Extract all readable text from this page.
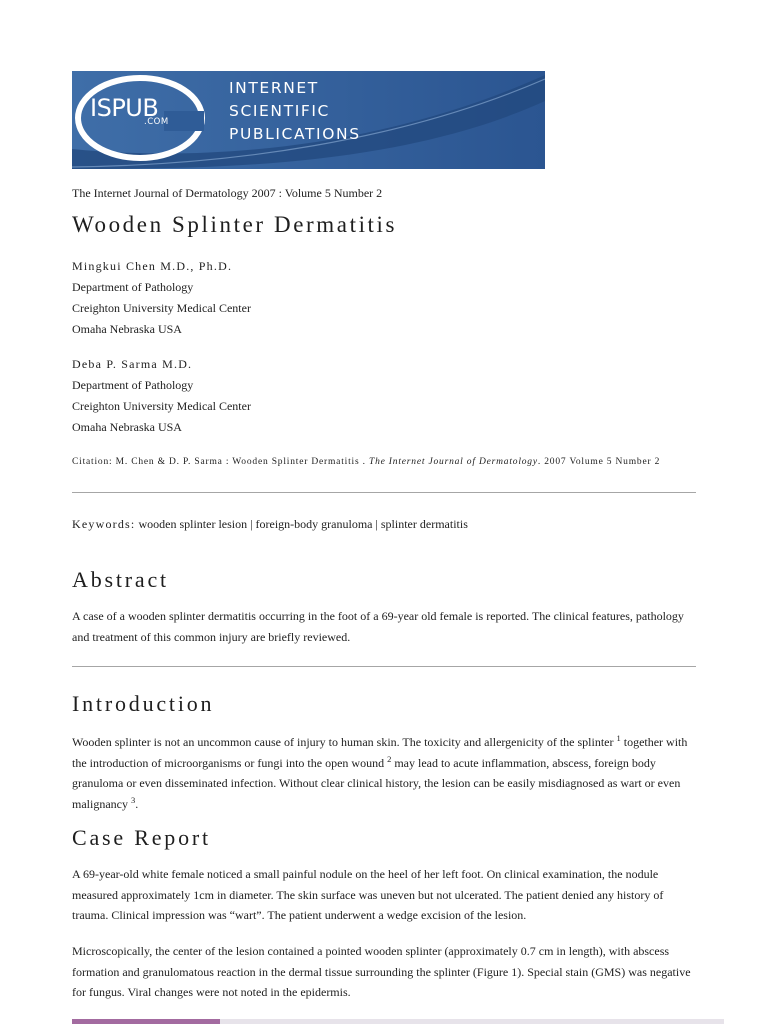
ISPUB
.COM
INTERNET
SCIENTIFIC
PUBLICATIONS
The Internet Journal of Dermatology 2007 : Volume 5 Number 2
Wooden Splinter Dermatitis
Mingkui Chen M.D., Ph.D.
Department of Pathology
Creighton University Medical Center
Omaha Nebraska USA
Deba P. Sarma M.D.
Department of Pathology
Creighton University Medical Center
Omaha Nebraska USA
Citation: M. Chen & D. P. Sarma : Wooden Splinter Dermatitis . The Internet Journal of Dermatology. 2007 Volume 5 Number 2
Keywords: wooden splinter lesion | foreign-body granuloma | splinter dermatitis
Abstract

A case of a wooden splinter dermatitis occurring in the foot of a 69-year old female is reported. The clinical features, pathology and treatment of this common injury are briefly reviewed.

Introduction

Wooden splinter is not an uncommon cause of injury to human skin. The toxicity and allergenicity of the splinter $^1$ together with the introduction of microorganisms or fungi into the open wound $^2$ may lead to acute inflammation, abscess, foreign body granuloma or even disseminated infection. Without clear clinical history, the lesion can be easily misdiagnosed as wart or even malignancy $^3$.

Case Report

A 69-year-old white female noticed a small painful nodule on the heel of her left foot. On clinical examination, the nodule measured approximately 1cm in diameter. The skin surface was uneven but not ulcerated. The patient denied any history of trauma. Clinical impression was “wart”. The patient underwent a wedge excision of the lesion.

Microscopically, the center of the lesion contained a pointed wooden splinter (approximately 0.7 cm in length), with abscess formation and granulomatous reaction in the dermal tissue surrounding the splinter (Figure 1). Special stain (GMS) was negative for fungus. Viral changes were not noted in the epidermis.
